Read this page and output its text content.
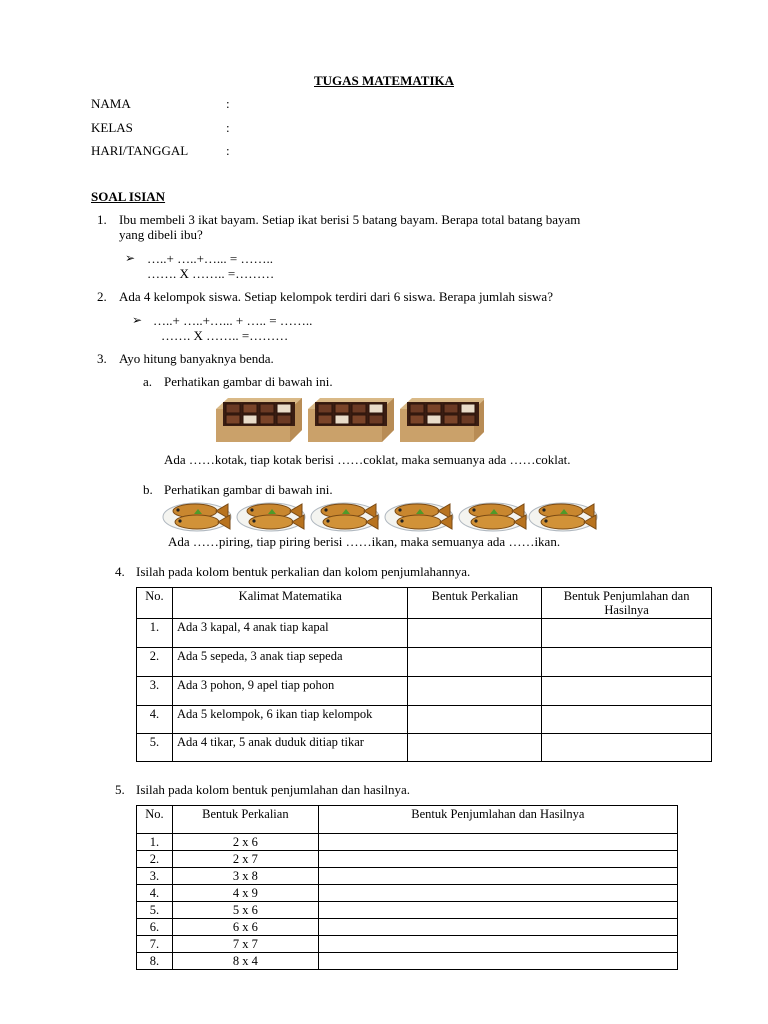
TUGAS MATEMATIKA
NAMA	:
KELAS	:
HARI/TANGGAL	:
SOAL ISIAN
1. Ibu membeli 3 ikat bayam. Setiap ikat berisi 5 batang bayam. Berapa total batang bayam
yang dibeli ibu?
➢ …..+ …..+…... = ……..
……. X …….. =………
2. Ada 4 kelompok siswa. Setiap kelompok terdiri dari 6 siswa. Berapa jumlah siswa?
➢ …..+ …..+…... + ….. = ……..
……. X …….. =………
3. Ayo hitung banyaknya benda.
a. Perhatikan gambar di bawah ini.
Ada ……kotak, tiap kotak berisi ……coklat, maka semuanya ada ……coklat.
b. Perhatikan gambar di bawah ini.
Ada ……piring, tiap piring berisi ……ikan, maka semuanya ada ……ikan.
4. Isilah pada kolom bentuk perkalian dan kolom penjumlahannya.
No.	Kalimat Matematika	Bentuk Perkalian	Bentuk Penjumlahan dan Hasilnya
1.	Ada 3 kapal, 4 anak tiap kapal		
2.	Ada 5 sepeda, 3 anak tiap sepeda		
3.	Ada 3 pohon, 9 apel tiap pohon		
4.	Ada 5 kelompok, 6 ikan tiap kelompok		
5.	Ada 4 tikar, 5 anak duduk ditiap tikar		
5. Isilah pada kolom bentuk penjumlahan dan hasilnya.
No.	Bentuk Perkalian	Bentuk Penjumlahan dan Hasilnya
1.	2 x 6	
2.	2 x 7	
3.	3 x 8	
4.	4 x 9	
5.	5 x 6	
6.	6 x 6	
7.	7 x 7	
8.	8 x 4	
